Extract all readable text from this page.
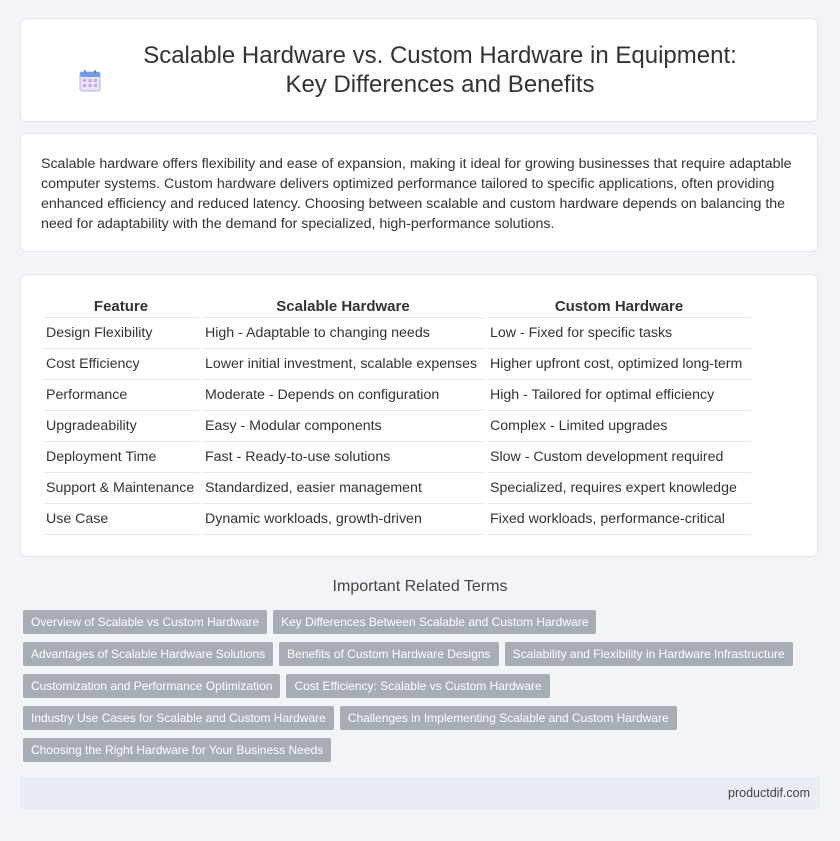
Scalable Hardware vs. Custom Hardware in Equipment: Key Differences and Benefits

Scalable hardware offers flexibility and ease of expansion, making it ideal for growing businesses that require adaptable computer systems. Custom hardware delivers optimized performance tailored to specific applications, often providing enhanced efficiency and reduced latency. Choosing between scalable and custom hardware depends on balancing the need for adaptability with the demand for specialized, high-performance solutions.

Feature	Scalable Hardware	Custom Hardware
Design Flexibility	High - Adaptable to changing needs	Low - Fixed for specific tasks
Cost Efficiency	Lower initial investment, scalable expenses	Higher upfront cost, optimized long-term
Performance	Moderate - Depends on configuration	High - Tailored for optimal efficiency
Upgradeability	Easy - Modular components	Complex - Limited upgrades
Deployment Time	Fast - Ready-to-use solutions	Slow - Custom development required
Support & Maintenance	Standardized, easier management	Specialized, requires expert knowledge
Use Case	Dynamic workloads, growth-driven	Fixed workloads, performance-critical
Important Related Terms
Overview of Scalable vs Custom Hardware	Key Differences Between Scalable and Custom Hardware
Advantages of Scalable Hardware Solutions	Benefits of Custom Hardware Designs	Scalability and Flexibility in Hardware Infrastructure
Customization and Performance Optimization	Cost Efficiency: Scalable vs Custom Hardware
Industry Use Cases for Scalable and Custom Hardware	Challenges in Implementing Scalable and Custom Hardware
Choosing the Right Hardware for Your Business Needs
productdif.com
